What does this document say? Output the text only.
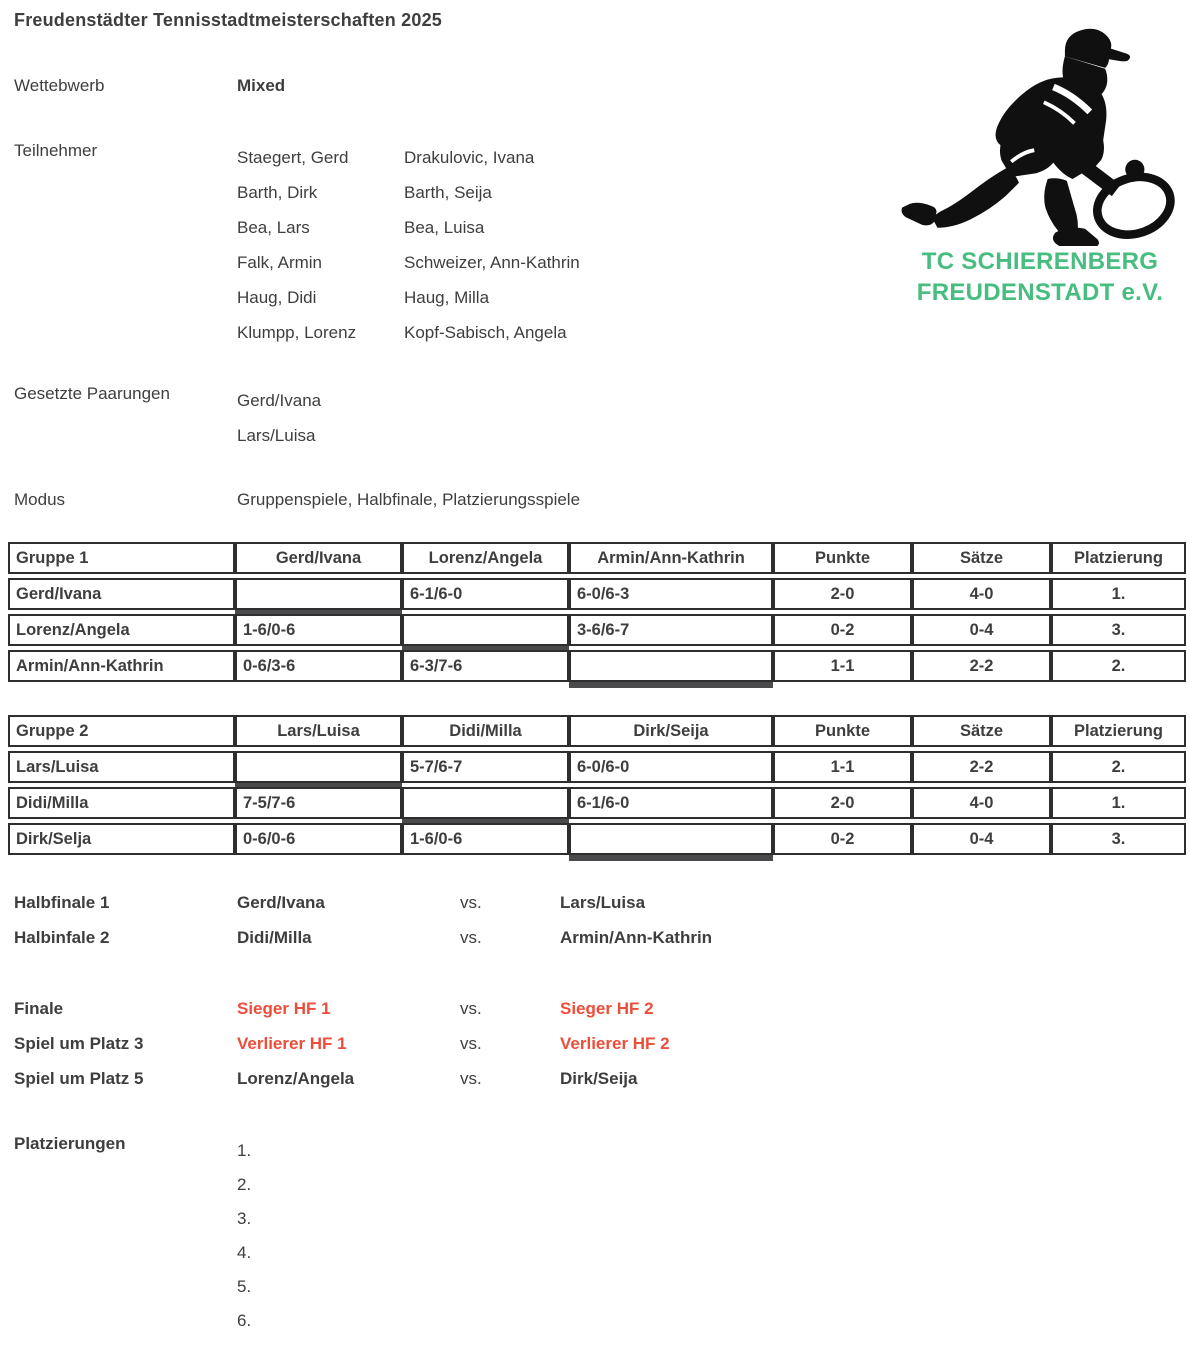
Freudenstädter Tennisstadtmeisterschaften 2025
Wettebwerb	Mixed
Teilnehmer	Staegert, Gerd	Drakulovic, Ivana
Barth, Dirk	Barth, Seija
Bea, Lars	Bea, Luisa
Falk, Armin	Schweizer, Ann-Kathrin
Haug, Didi	Haug, Milla
Klumpp, Lorenz	Kopf-Sabisch, Angela
Gesetzte Paarungen	Gerd/Ivana
Lars/Luisa
Modus	Gruppenspiele, Halbfinale, Platzierungsspiele
Gruppe 1	Gerd/Ivana	Lorenz/Angela	Armin/Ann-Kathrin	Punkte	Sätze	Platzierung
Gerd/Ivana		6-1/6-0	6-0/6-3	2-0	4-0	1.
Lorenz/Angela	1-6/0-6		3-6/6-7	0-2	0-4	3.
Armin/Ann-Kathrin	0-6/3-6	6-3/7-6		1-1	2-2	2.
Gruppe 2	Lars/Luisa	Didi/Milla	Dirk/Seija	Punkte	Sätze	Platzierung
Lars/Luisa		5-7/6-7	6-0/6-0	1-1	2-2	2.
Didi/Milla	7-5/7-6		6-1/6-0	2-0	4-0	1.
Dirk/Selja	0-6/0-6	1-6/0-6		0-2	0-4	3.
Halbfinale 1	Gerd/Ivana	vs.	Lars/Luisa
Halbinfale 2	Didi/Milla	vs.	Armin/Ann-Kathrin
Finale	Sieger HF 1	vs.	Sieger HF 2
Spiel um Platz 3	Verlierer HF 1	vs.	Verlierer HF 2
Spiel um Platz 5	Lorenz/Angela	vs.	Dirk/Seija
Platzierungen	1.
2.
3.
4.
5.
6.
TC SCHIERENBERG
FREUDENSTADT e.V.
